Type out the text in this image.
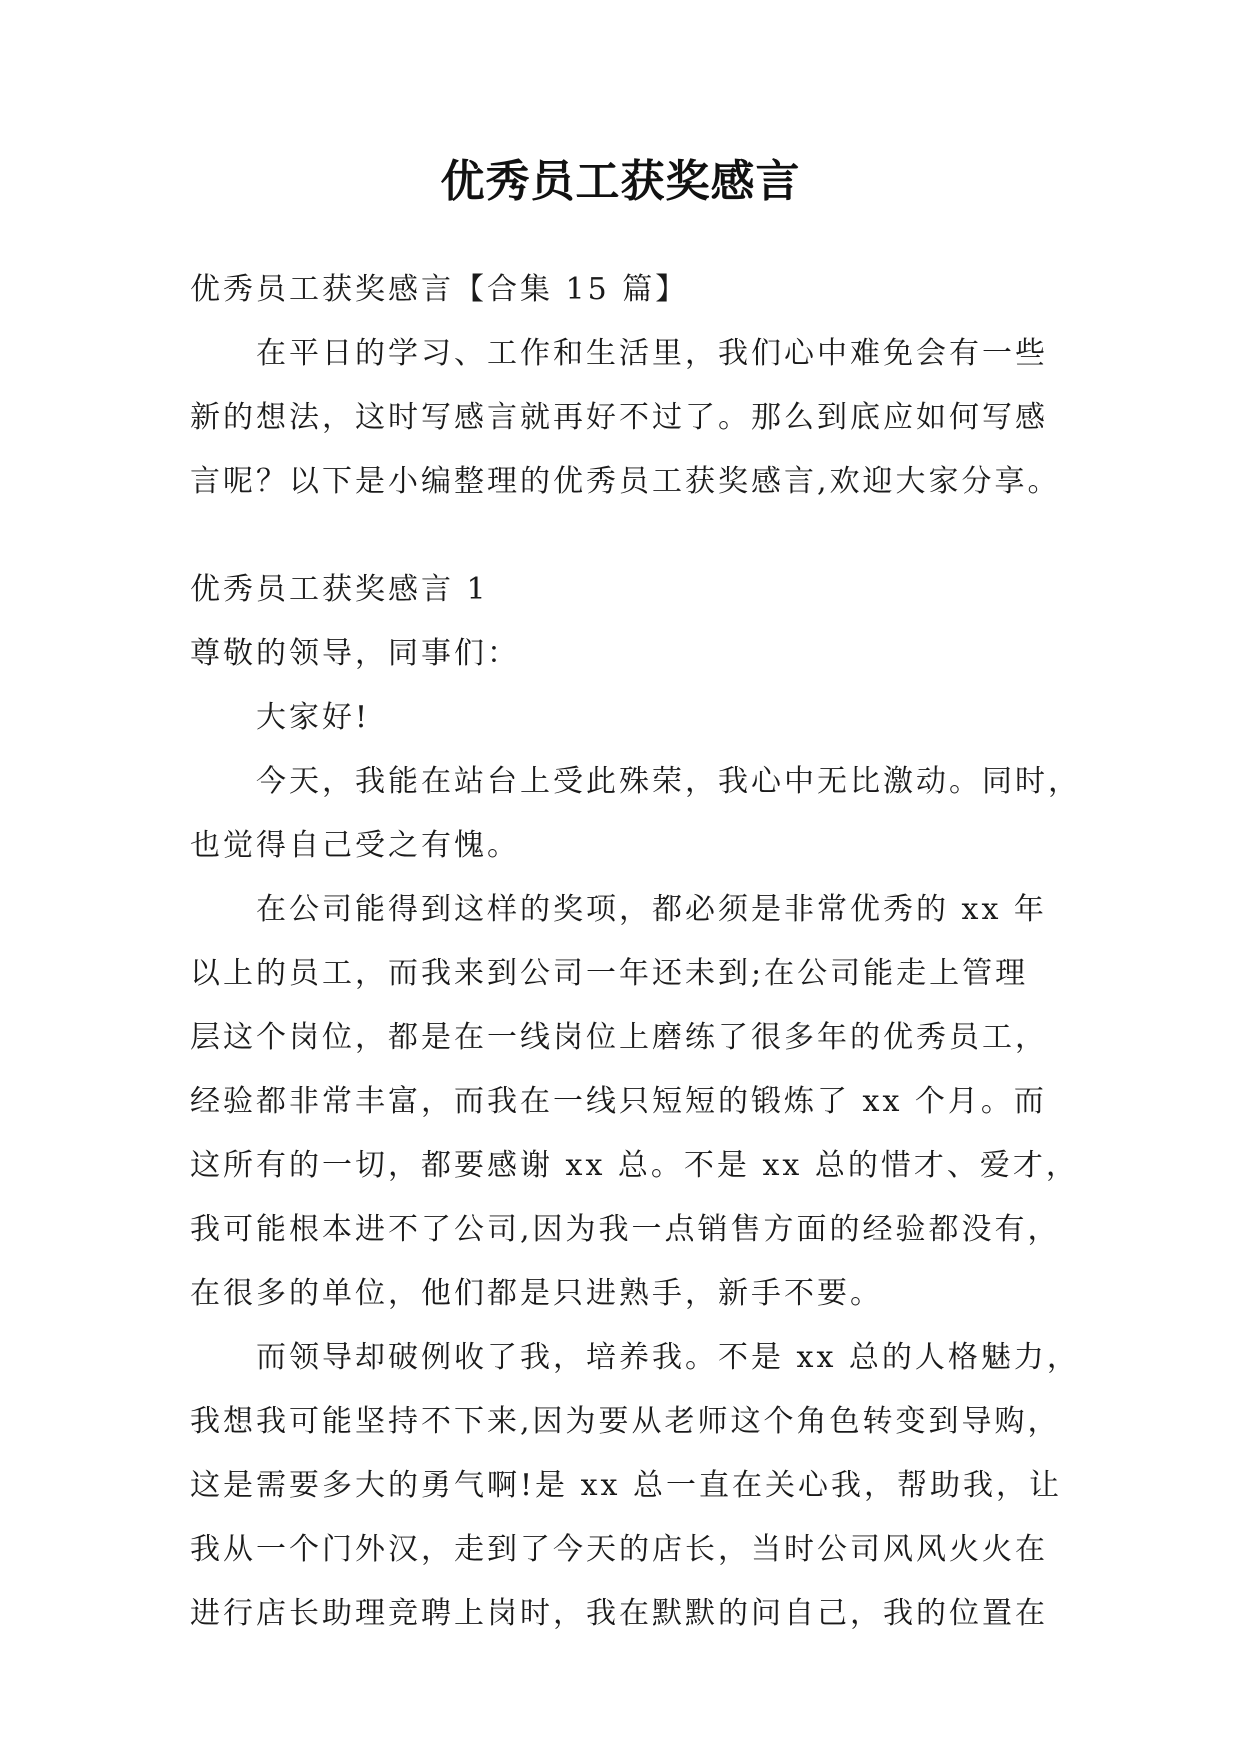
优秀员工获奖感言
优秀员工获奖感言【合集 15 篇】
在平日的学习、工作和生活里，我们心中难免会有一些
新的想法，这时写感言就再好不过了。那么到底应如何写感
言呢？以下是小编整理的优秀员工获奖感言,欢迎大家分享。
优秀员工获奖感言 1
尊敬的领导，同事们：
大家好!
今天，我能在站台上受此殊荣，我心中无比激动。同时，
也觉得自己受之有愧。
在公司能得到这样的奖项，都必须是非常优秀的 xx 年
以上的员工，而我来到公司一年还未到;在公司能走上管理
层这个岗位，都是在一线岗位上磨练了很多年的优秀员工，
经验都非常丰富，而我在一线只短短的锻炼了 xx 个月。而
这所有的一切，都要感谢 xx 总。不是 xx 总的惜才、爱才，
我可能根本进不了公司,因为我一点销售方面的经验都没有，
在很多的单位，他们都是只进熟手，新手不要。
而领导却破例收了我，培养我。不是 xx 总的人格魅力，
我想我可能坚持不下来,因为要从老师这个角色转变到导购，
这是需要多大的勇气啊!是 xx 总一直在关心我，帮助我，让
我从一个门外汉，走到了今天的店长，当时公司风风火火在
进行店长助理竞聘上岗时，我在默默的问自己，我的位置在
